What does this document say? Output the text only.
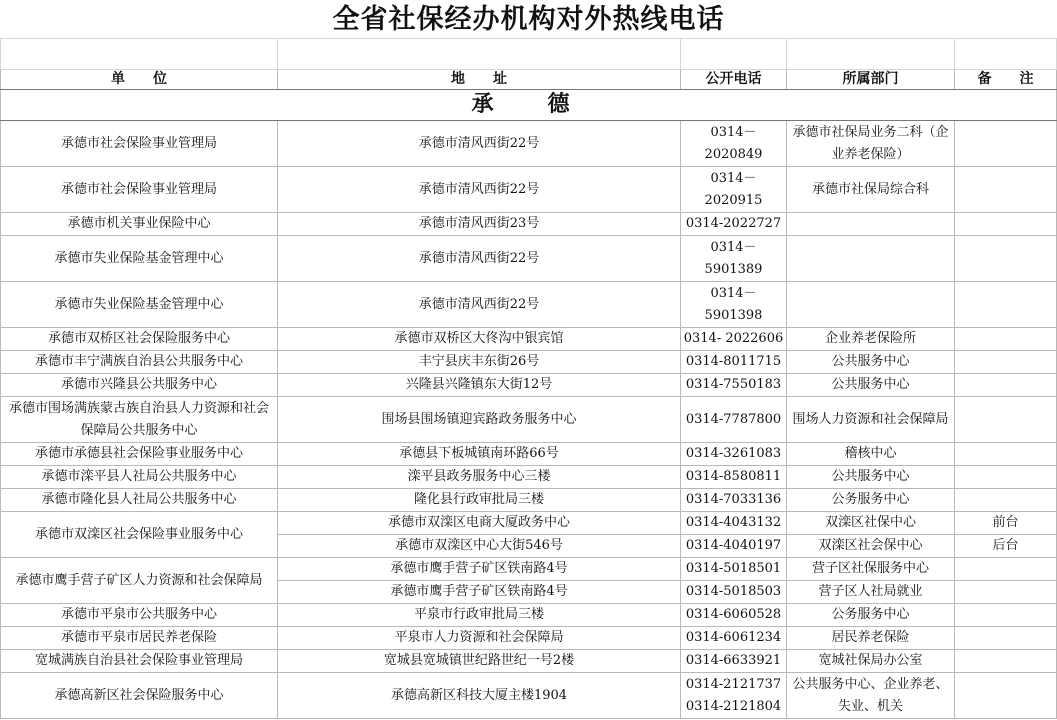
全省社保经办机构对外热线电话

单　　位	地　　址	公开电话	所属部门	备　　注
承　德				
承德市社会保险事业管理局	承德市清风西街22号	0314－2020849	承德市社保局业务二科（企业养老保险）	
承德市社会保险事业管理局	承德市清风西街22号	0314－2020915	承德市社保局综合科	
承德市机关事业保险中心	承德市清风西街23号	0314-2022727		
承德市失业保险基金管理中心	承德市清风西街22号	0314－5901389		
承德市失业保险基金管理中心	承德市清风西街22号	0314－5901398		
承德市双桥区社会保险服务中心	承德市双桥区大佟沟中银宾馆	0314- 2022606	企业养老保险所	
承德市丰宁满族自治县公共服务中心	丰宁县庆丰东街26号	0314-8011715	公共服务中心	
承德市兴隆县公共服务中心	兴隆县兴隆镇东大街12号	0314-7550183	公共服务中心	
承德市围场满族蒙古族自治县人力资源和社会保障局公共服务中心	围场县围场镇迎宾路政务服务中心	0314-7787800	围场人力资源和社会保障局	
承德市承德县社会保险事业服务中心	承德县下板城镇南环路66号	0314-3261083	稽核中心	
承德市滦平县人社局公共服务中心	滦平县政务服务中心三楼	0314-8580811	公共服务中心	
承德市隆化县人社局公共服务中心	隆化县行政审批局三楼	0314-7033136	公务服务中心	
承德市双滦区社会保险事业服务中心	承德市双滦区电商大厦政务中心	0314-4043132	双滦区社保中心	前台
	承德市双滦区中心大街546号	0314-4040197	双滦区社会保中心	后台
承德市鹰手营子矿区人力资源和社会保障局	承德市鹰手营子矿区铁南路4号	0314-5018501	营子区社保服务中心	
	承德市鹰手营子矿区铁南路4号	0314-5018503	营子区人社局就业	
承德市平泉市公共服务中心	平泉市行政审批局三楼	0314-6060528	公务服务中心	
承德市平泉市居民养老保险	平泉市人力资源和社会保障局	0314-6061234	居民养老保险	
宽城满族自治县社会保险事业管理局	宽城县宽城镇世纪路世纪一号2楼	0314-6633921	宽城社保局办公室	
承德高新区社会保险服务中心	承德高新区科技大厦主楼1904	0314-2121737 0314-2121804	公共服务中心、企业养老、失业、机关	
